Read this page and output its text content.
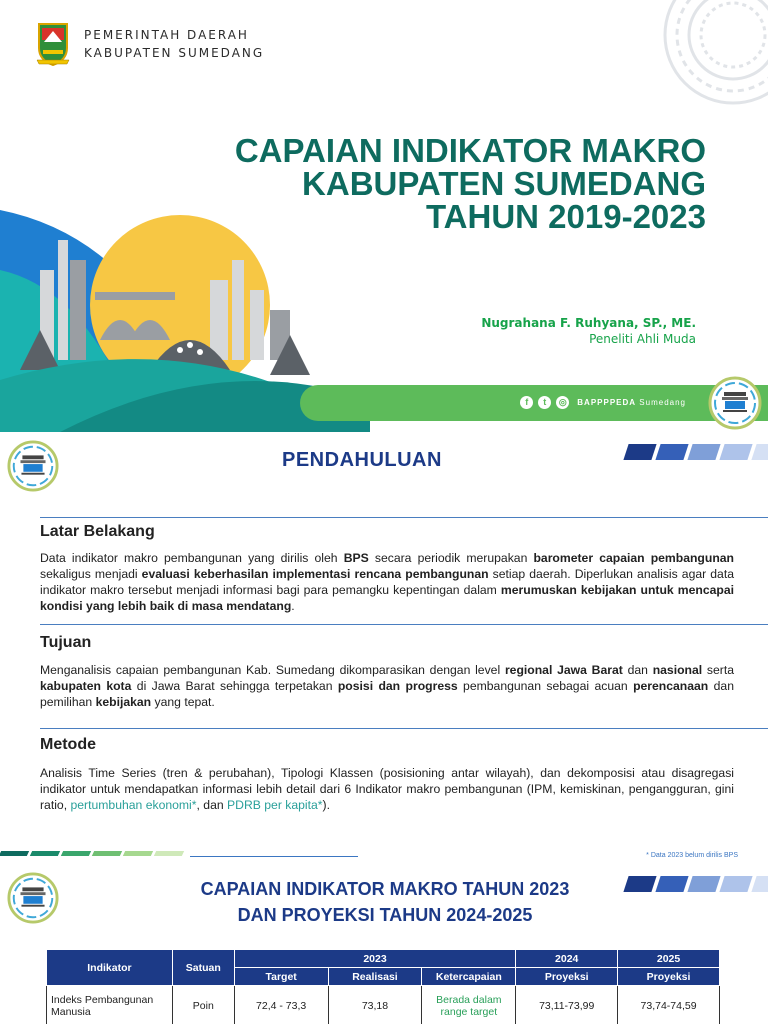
PEMERINTAH DAERAH
KABUPATEN SUMEDANG
CAPAIAN INDIKATOR MAKRO
KABUPATEN SUMEDANG
TAHUN 2019-2023
Nugrahana F. Ruhyana, SP., ME.
Peneliti Ahli Muda
f	t	◎	BAPPPPEDA Sumedang
PENDAHULUAN
Latar Belakang

Data indikator makro pembangunan yang dirilis oleh BPS secara periodik merupakan barometer capaian pembangunan sekaligus menjadi evaluasi keberhasilan implementasi rencana pembangunan setiap daerah. Diperlukan analisis agar data indikator makro tersebut menjadi informasi bagi para pemangku kepentingan dalam merumuskan kebijakan untuk mencapai kondisi yang lebih baik di masa mendatang.

Tujuan

Menganalisis capaian pembangunan Kab. Sumedang dikomparasikan dengan level regional Jawa Barat dan nasional serta kabupaten kota di Jawa Barat sehingga terpetakan posisi dan progress pembangunan sebagai acuan perencanaan dan pemilihan kebijakan yang tepat.

Metode

Analisis Time Series (tren & perubahan), Tipologi Klassen (posisioning antar wilayah), dan dekomposisi atau disagregasi indikator untuk mendapatkan informasi lebih detail dari 6 Indikator makro pembangunan (IPM, kemiskinan, pengangguran, gini ratio, pertumbuhan ekonomi*, dan PDRB per kapita*).

* Data 2023 belum dirilis BPS
CAPAIAN INDIKATOR MAKRO TAHUN 2023
DAN PROYEKSI TAHUN 2024-2025
Indikator	Satuan	2023			2024	2025
		Target	Realisasi	Ketercapaian	Proyeksi	Proyeksi
Indeks Pembangunan Manusia	Poin	72,4 - 73,3	73,18	Berada dalam range target	73,11-73,99	73,74-74,59
